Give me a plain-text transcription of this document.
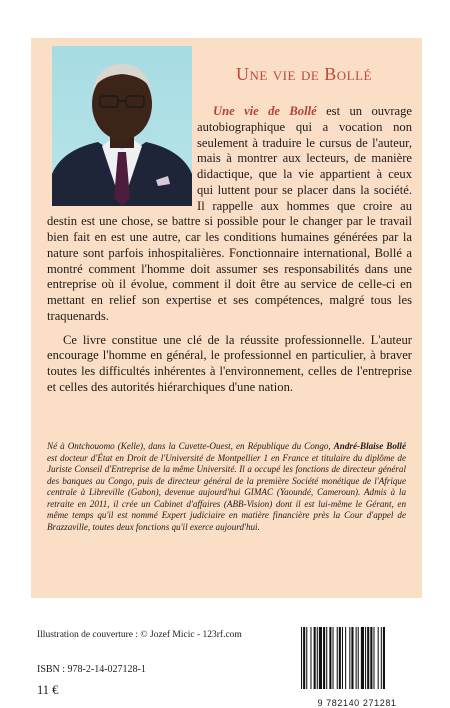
Une vie de Bollé

Une vie de Bollé est un ouvrage autobiographique qui a vocation non seulement à traduire le cursus de l'auteur, mais à montrer aux lecteurs, de manière didactique, que la vie appartient à ceux qui luttent pour se placer dans la société. Il rappelle aux hommes que croire au destin est une chose, se battre si possible pour le changer par le travail bien fait en est une autre, car les conditions humaines générées par la nature sont parfois inhospitalières. Fonctionnaire international, Bollé a montré comment l'homme doit assumer ses responsabilités dans une entreprise où il évolue, comment il doit être au service de celle-ci en mettant en relief son expertise et ses compétences, malgré tous les traquenards.

Ce livre constitue une clé de la réussite professionnelle. L'auteur encourage l'homme en général, le professionnel en particulier, à braver toutes les difficultés inhérentes à l'environnement, celles de l'entreprise et celles des autorités hiérarchiques d'une nation.

Né à Ontchouomo (Kelle), dans la Cuvette-Ouest, en République du Congo, André-Blaise Bollé est docteur d'État en Droit de l'Université de Montpellier 1 en France et titulaire du diplôme de Juriste Conseil d'Entreprise de la même Université. Il a occupé les fonctions de directeur général des banques au Congo, puis de directeur général de la première Société monétique de l'Afrique centrale à Libreville (Gabon), devenue aujourd'hui GIMAC (Yaoundé, Cameroun). Admis à la retraite en 2011, il crée un Cabinet d'affaires (ABB-Vision) dont il est lui-même le Gérant, en même temps qu'il est nommé Expert judiciaire en matière financière près la Cour d'appel de Brazzaville, toutes deux fonctions qu'il exerce aujourd'hui.
Illustration de couverture : © Jozef Micic - 123rf.com
ISBN : 978-2-14-027128-1
11 €
9 782140 271281
